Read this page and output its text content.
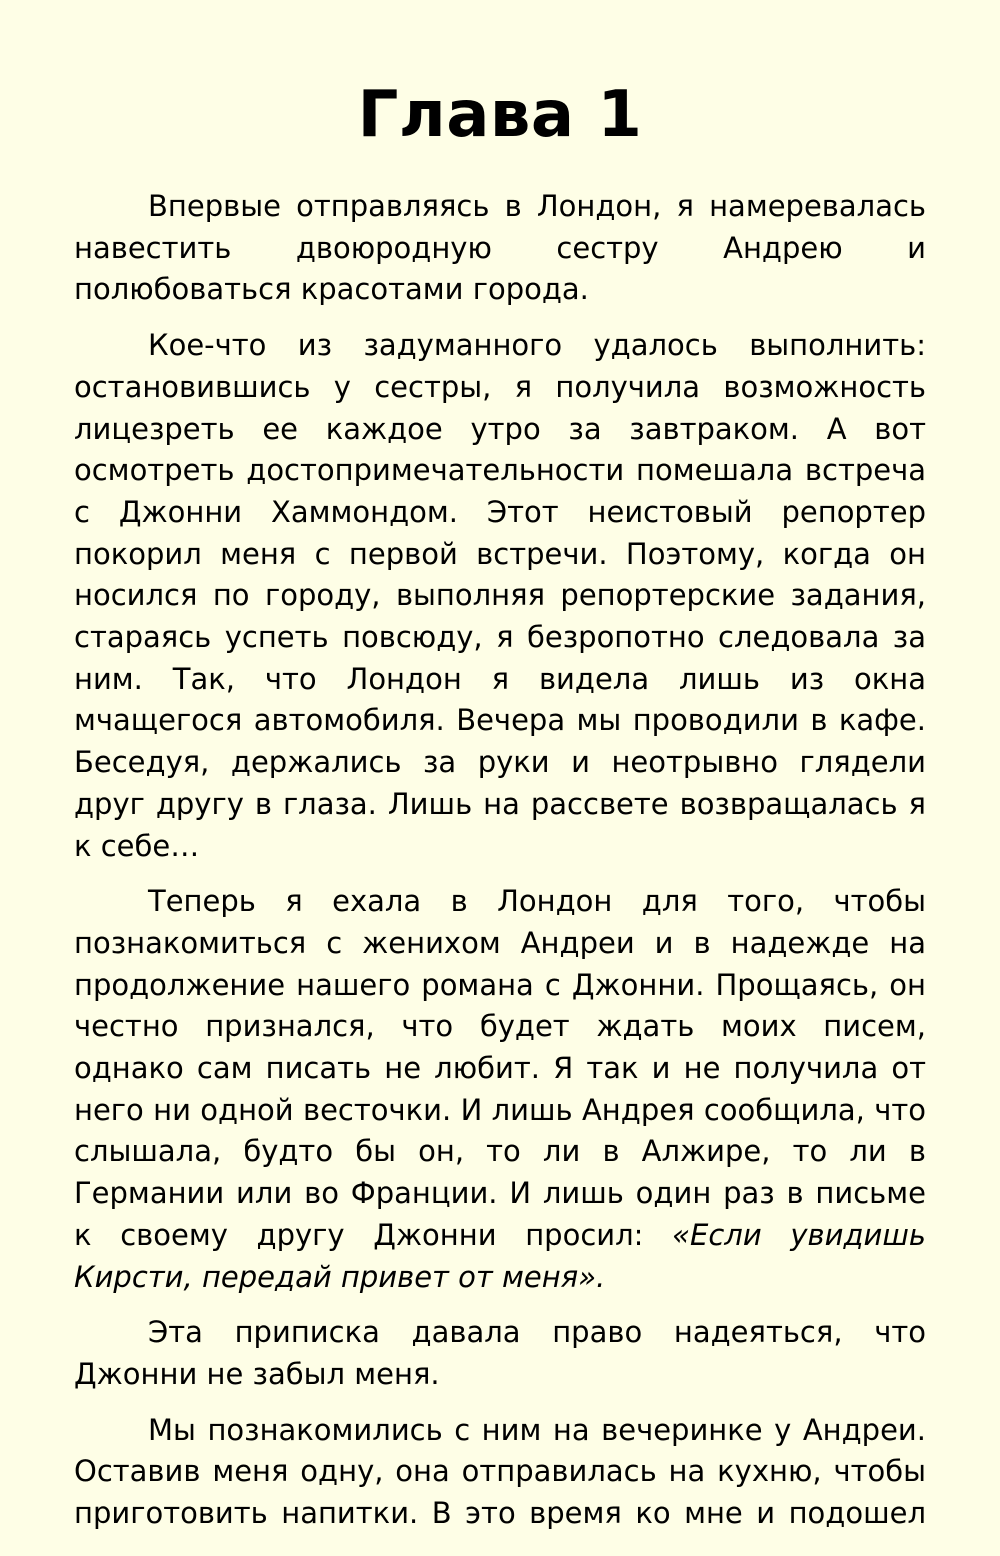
Глава 1

Впервые отправляясь в Лондон, я намеревалась навестить двоюродную сестру Андрею и полюбоваться красотами города.

Кое-что из задуманного удалось выполнить: остановившись у сестры, я получила возможность лицезреть ее каждое утро за завтраком. А вот осмотреть достопримечательности помешала встреча с Джонни Хаммондом. Этот неистовый репортер покорил меня с первой встречи. Поэтому, когда он носился по городу, выполняя репортерские задания, стараясь успеть повсюду, я безропотно следовала за ним. Так, что Лондон я видела лишь из окна мчащегося автомобиля. Вечера мы проводили в кафе. Беседуя, держались за руки и неотрывно глядели друг другу в глаза. Лишь на рассвете возвращалась я к себе…

Теперь я ехала в Лондон для того, чтобы познакомиться с женихом Андреи и в надежде на продолжение нашего романа с Джонни. Прощаясь, он честно признался, что будет ждать моих писем, однако сам писать не любит. Я так и не получила от него ни одной весточки. И лишь Андрея сообщила, что слышала, будто бы он, то ли в Алжире, то ли в Германии или во Франции. И лишь один раз в письме к своему другу Джонни просил: «Если увидишь Кирсти, передай привет от меня».

Эта приписка давала право надеяться, что Джонни не забыл меня.

Мы познакомились с ним на вечеринке у Андреи. Оставив меня одну, она отправилась на кухню, чтобы приготовить напитки. В это время ко мне и подошел
